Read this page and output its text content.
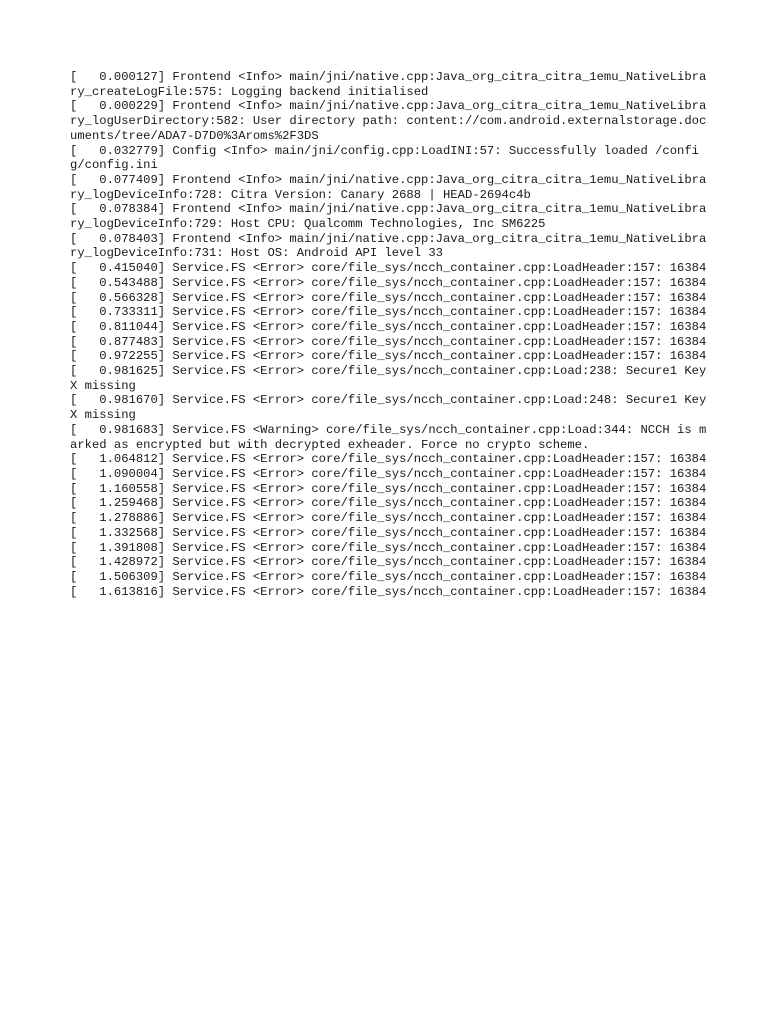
[   0.000127] Frontend <Info> main/jni/native.cpp:Java_org_citra_citra_1emu_NativeLibrary_createLogFile:575: Logging backend initialised

[   0.000229] Frontend <Info> main/jni/native.cpp:Java_org_citra_citra_1emu_NativeLibrary_logUserDirectory:582: User directory path: content://com.android.externalstorage.documents/tree/ADA7-D7D0%3Aroms%2F3DS

[   0.032779] Config <Info> main/jni/config.cpp:LoadINI:57: Successfully loaded /config/config.ini

[   0.077409] Frontend <Info> main/jni/native.cpp:Java_org_citra_citra_1emu_NativeLibrary_logDeviceInfo:728: Citra Version: Canary 2688 | HEAD-2694c4b

[   0.078384] Frontend <Info> main/jni/native.cpp:Java_org_citra_citra_1emu_NativeLibrary_logDeviceInfo:729: Host CPU: Qualcomm Technologies, Inc SM6225

[   0.078403] Frontend <Info> main/jni/native.cpp:Java_org_citra_citra_1emu_NativeLibrary_logDeviceInfo:731: Host OS: Android API level 33

[   0.415040] Service.FS <Error> core/file_sys/ncch_container.cpp:LoadHeader:157: 16384

[   0.543488] Service.FS <Error> core/file_sys/ncch_container.cpp:LoadHeader:157: 16384

[   0.566328] Service.FS <Error> core/file_sys/ncch_container.cpp:LoadHeader:157: 16384

[   0.733311] Service.FS <Error> core/file_sys/ncch_container.cpp:LoadHeader:157: 16384

[   0.811044] Service.FS <Error> core/file_sys/ncch_container.cpp:LoadHeader:157: 16384

[   0.877483] Service.FS <Error> core/file_sys/ncch_container.cpp:LoadHeader:157: 16384

[   0.972255] Service.FS <Error> core/file_sys/ncch_container.cpp:LoadHeader:157: 16384

[   0.981625] Service.FS <Error> core/file_sys/ncch_container.cpp:Load:238: Secure1 KeyX missing

[   0.981670] Service.FS <Error> core/file_sys/ncch_container.cpp:Load:248: Secure1 KeyX missing

[   0.981683] Service.FS <Warning> core/file_sys/ncch_container.cpp:Load:344: NCCH is marked as encrypted but with decrypted exheader. Force no crypto scheme.

[   1.064812] Service.FS <Error> core/file_sys/ncch_container.cpp:LoadHeader:157: 16384

[   1.090004] Service.FS <Error> core/file_sys/ncch_container.cpp:LoadHeader:157: 16384

[   1.160558] Service.FS <Error> core/file_sys/ncch_container.cpp:LoadHeader:157: 16384

[   1.259468] Service.FS <Error> core/file_sys/ncch_container.cpp:LoadHeader:157: 16384

[   1.278886] Service.FS <Error> core/file_sys/ncch_container.cpp:LoadHeader:157: 16384

[   1.332568] Service.FS <Error> core/file_sys/ncch_container.cpp:LoadHeader:157: 16384

[   1.391808] Service.FS <Error> core/file_sys/ncch_container.cpp:LoadHeader:157: 16384

[   1.428972] Service.FS <Error> core/file_sys/ncch_container.cpp:LoadHeader:157: 16384

[   1.506309] Service.FS <Error> core/file_sys/ncch_container.cpp:LoadHeader:157: 16384

[   1.613816] Service.FS <Error> core/file_sys/ncch_container.cpp:LoadHeader:157: 16384
